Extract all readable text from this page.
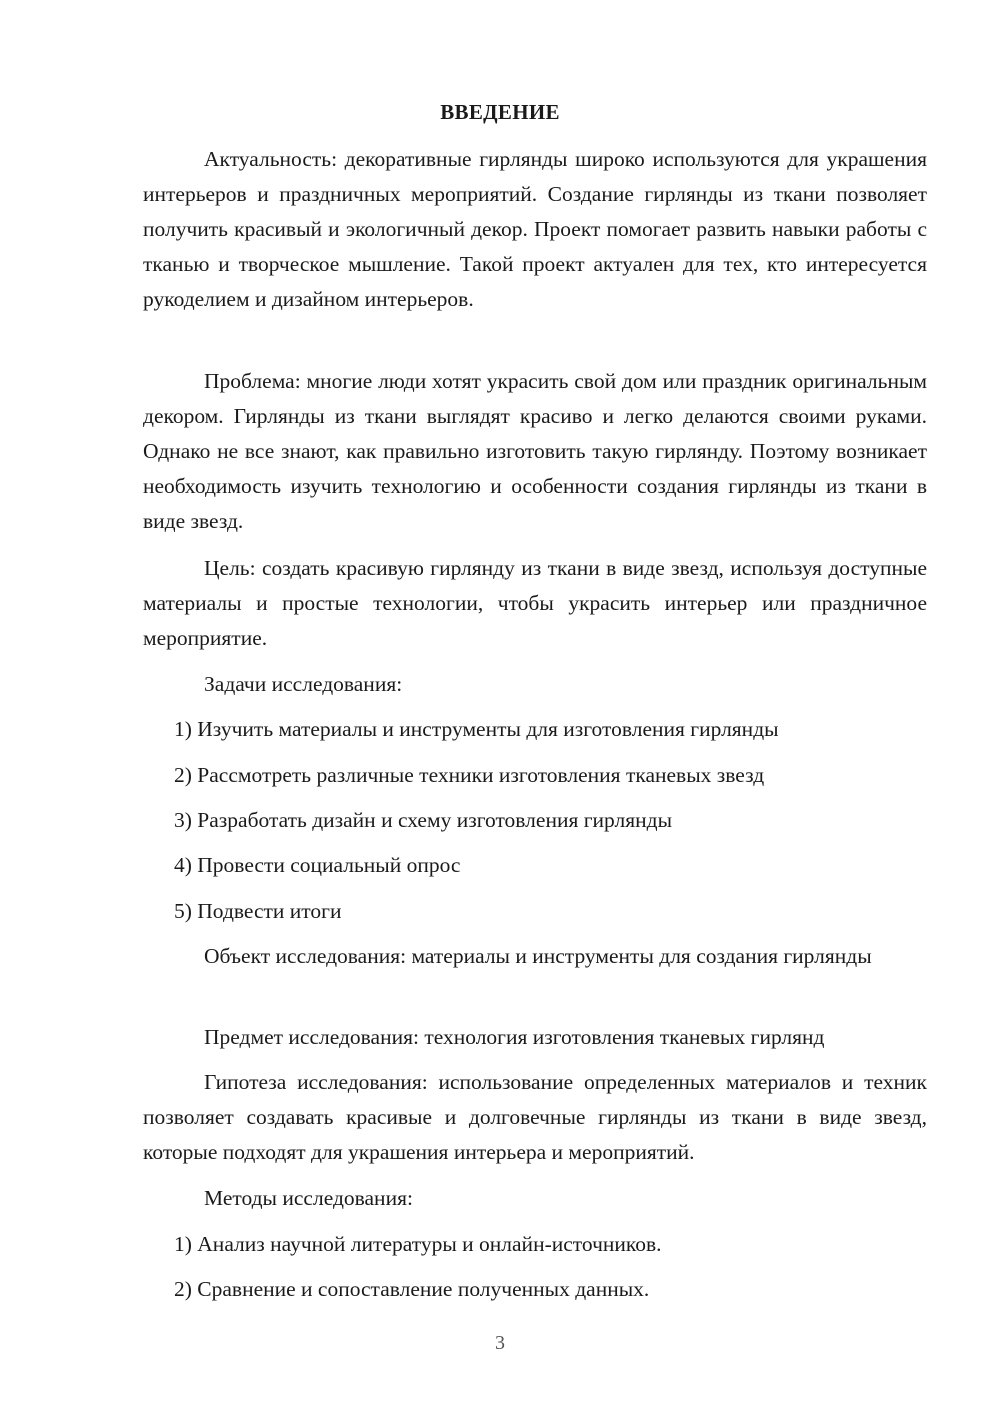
ВВЕДЕНИЕ

Актуальность: декоративные гирлянды широко используются для украшения интерьеров и праздничных мероприятий. Создание гирлянды из ткани позволяет получить красивый и экологичный декор. Проект помогает развить навыки работы с тканью и творческое мышление. Такой проект актуален для тех, кто интересуется рукоделием и дизайном интерьеров.

Проблема: многие люди хотят украсить свой дом или праздник оригинальным декором. Гирлянды из ткани выглядят красиво и легко делаются своими руками. Однако не все знают, как правильно изготовить такую гирлянду. Поэтому возникает необходимость изучить технологию и особенности создания гирлянды из ткани в виде звезд.

Цель: создать красивую гирлянду из ткани в виде звезд, используя доступные материалы и простые технологии, чтобы украсить интерьер или праздничное мероприятие.

Задачи исследования:

1) Изучить материалы и инструменты для изготовления гирлянды

2) Рассмотреть различные техники изготовления тканевых звезд

3) Разработать дизайн и схему изготовления гирлянды

4) Провести социальный опрос

5) Подвести итоги

Объект исследования: материалы и инструменты для создания гирлянды

Предмет исследования: технология изготовления тканевых гирлянд

Гипотеза исследования: использование определенных материалов и техник позволяет создавать красивые и долговечные гирлянды из ткани в виде звезд, которые подходят для украшения интерьера и мероприятий.

Методы исследования:

1) Анализ научной литературы и онлайн-источников.

2) Сравнение и сопоставление полученных данных.

3
